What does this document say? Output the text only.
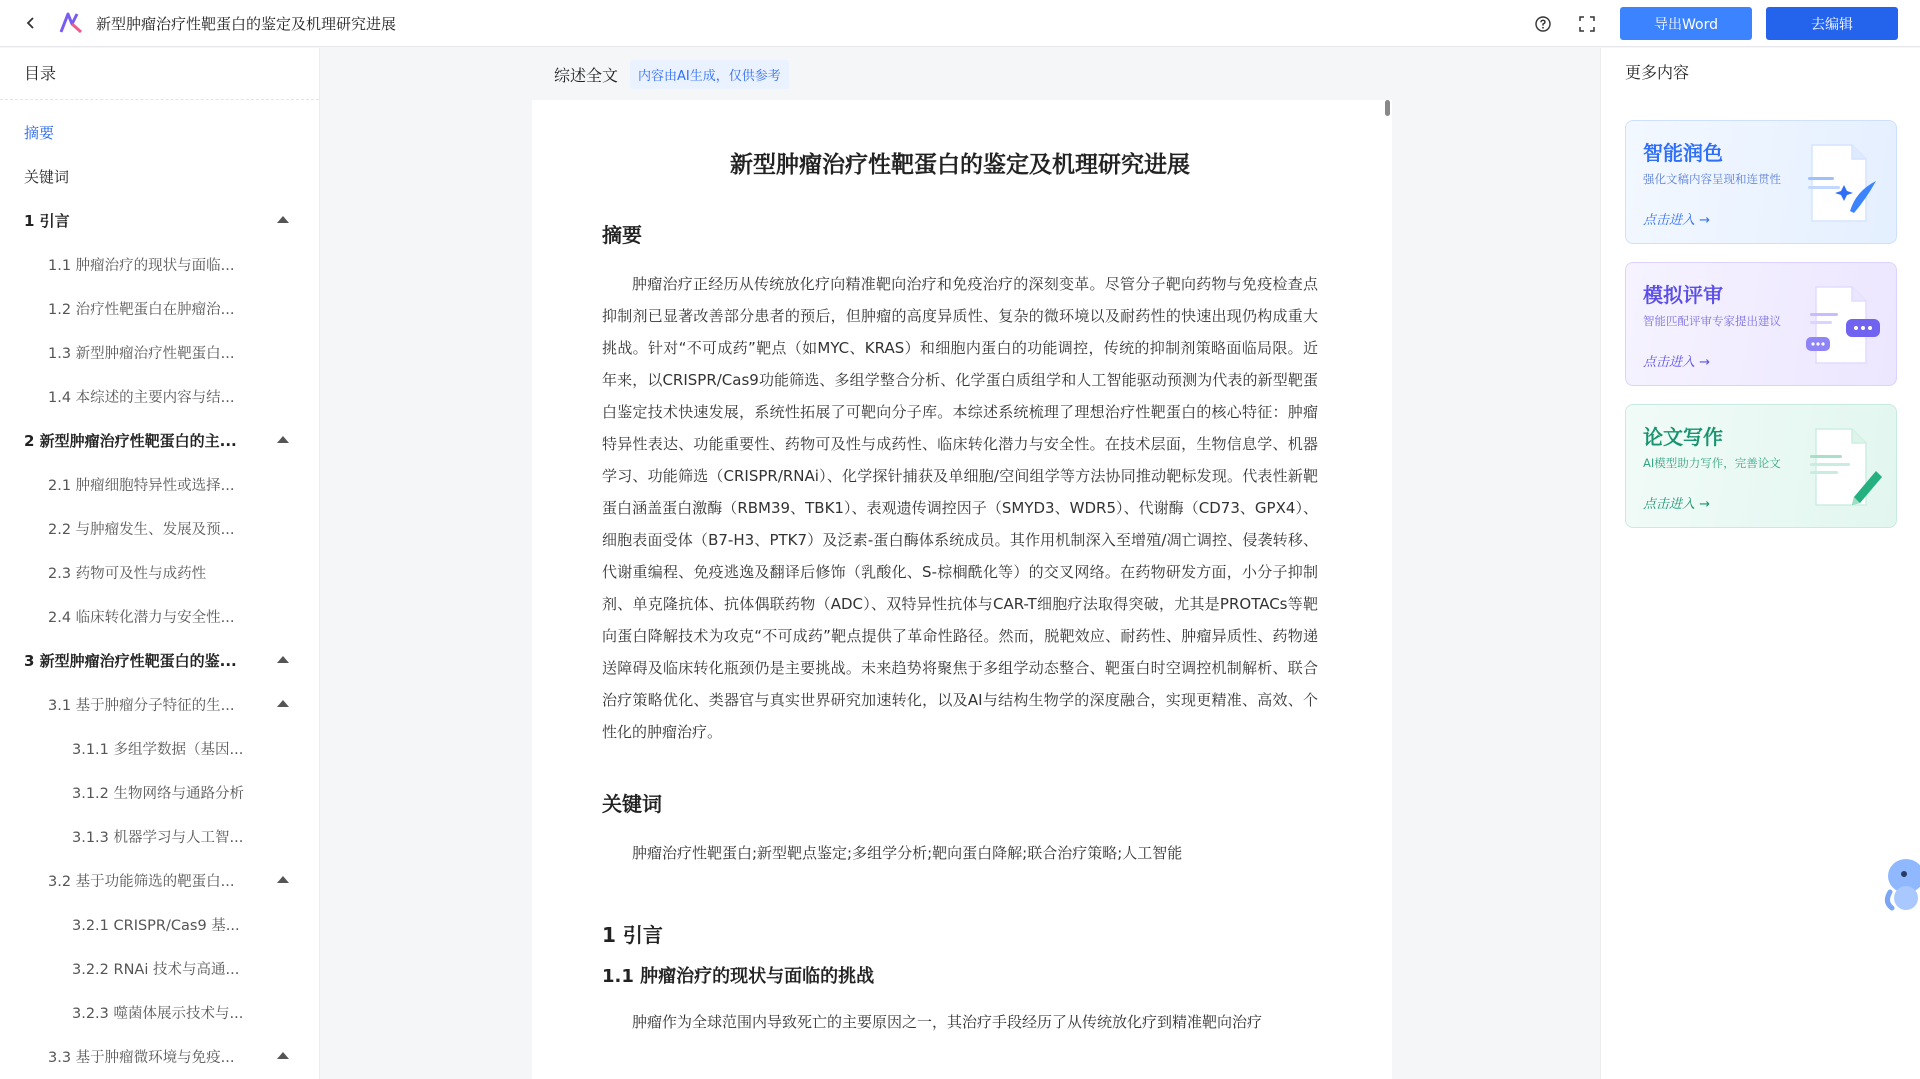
新型肿瘤治疗性靶蛋白的鉴定及机理研究进展	导出Word	去编辑
目录
摘要
关键词
1 引言
1.1 肿瘤治疗的现状与面临...
1.2 治疗性靶蛋白在肿瘤治...
1.3 新型肿瘤治疗性靶蛋白...
1.4 本综述的主要内容与结...
2 新型肿瘤治疗性靶蛋白的主...
2.1 肿瘤细胞特异性或选择...
2.2 与肿瘤发生、发展及预...
2.3 药物可及性与成药性
2.4 临床转化潜力与安全性...
3 新型肿瘤治疗性靶蛋白的鉴...
3.1 基于肿瘤分子特征的生...
3.1.1 多组学数据（基因...
3.1.2 生物网络与通路分析
3.1.3 机器学习与人工智...
3.2 基于功能筛选的靶蛋白...
3.2.1 CRISPR/Cas9 基...
3.2.2 RNAi 技术与高通...
3.2.3 噬菌体展示技术与...
3.3 基于肿瘤微环境与免疫...
综述全文	内容由AI生成，仅供参考
新型肿瘤治疗性靶蛋白的鉴定及机理研究进展
摘要

肿瘤治疗正经历从传统放化疗向精准靶向治疗和免疫治疗的深刻变革。尽管分子靶向药物与免疫检查点抑制剂已显著改善部分患者的预后，但肿瘤的高度异质性、复杂的微环境以及耐药性的快速出现仍构成重大挑战。针对“不可成药”靶点（如MYC、KRAS）和细胞内蛋白的功能调控，传统的抑制剂策略面临局限。近年来，以CRISPR/Cas9功能筛选、多组学整合分析、化学蛋白质组学和人工智能驱动预测为代表的新型靶蛋白鉴定技术快速发展，系统性拓展了可靶向分子库。本综述系统梳理了理想治疗性靶蛋白的核心特征：肿瘤特异性表达、功能重要性、药物可及性与成药性、临床转化潜力与安全性。在技术层面，生物信息学、机器学习、功能筛选（CRISPR/RNAi）、化学探针捕获及单细胞/空间组学等方法协同推动靶标发现。代表性新靶蛋白涵盖蛋白激酶（RBM39、TBK1）、表观遗传调控因子（SMYD3、WDR5）、代谢酶（CD73、GPX4）、细胞表面受体（B7-H3、PTK7）及泛素-蛋白酶体系统成员。其作用机制深入至增殖/凋亡调控、侵袭转移、代谢重编程、免疫逃逸及翻译后修饰（乳酸化、S-棕榈酰化等）的交叉网络。在药物研发方面，小分子抑制剂、单克隆抗体、抗体偶联药物（ADC）、双特异性抗体与CAR-T细胞疗法取得突破，尤其是PROTACs等靶向蛋白降解技术为攻克“不可成药”靶点提供了革命性路径。然而，脱靶效应、耐药性、肿瘤异质性、药物递送障碍及临床转化瓶颈仍是主要挑战。未来趋势将聚焦于多组学动态整合、靶蛋白时空调控机制解析、联合治疗策略优化、类器官与真实世界研究加速转化，以及AI与结构生物学的深度融合，实现更精准、高效、个性化的肿瘤治疗。

关键词

肿瘤治疗性靶蛋白;新型靶点鉴定;多组学分析;靶向蛋白降解;联合治疗策略;人工智能

1 引言
1.1 肿瘤治疗的现状与面临的挑战

肿瘤作为全球范围内导致死亡的主要原因之一，其治疗手段经历了从传统放化疗到精准靶向治疗

更多内容
智能润色
强化文稿内容呈现和连贯性
点击进入 →
模拟评审
智能匹配评审专家提出建议
点击进入 →
论文写作
AI模型助力写作，完善论文
点击进入 →
